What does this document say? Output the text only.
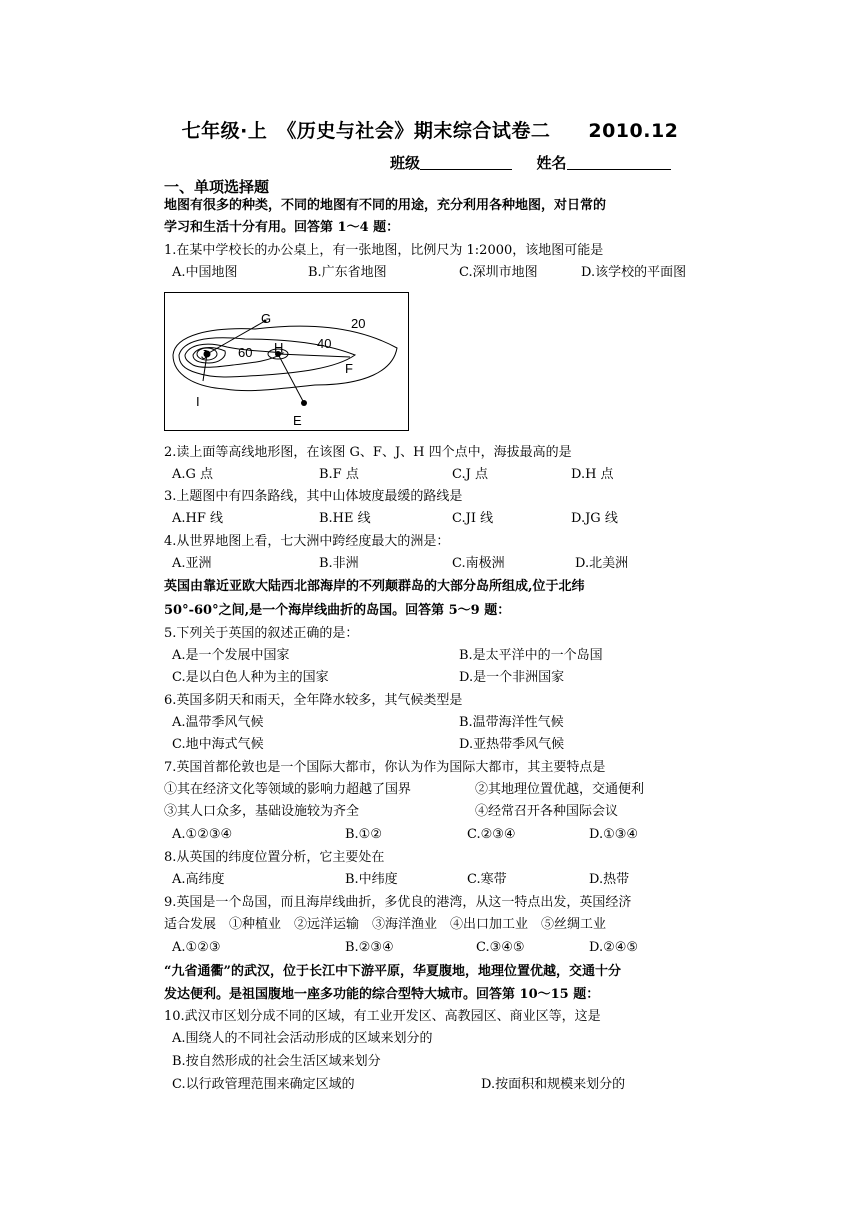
七年级·上　《历史与社会》期末综合试卷二 2010.12
班级	姓名
一、单项选择题
地图有很多的种类，不同的地图有不同的用途，充分利用各种地图，对日常的
学习和生活十分有用。回答第 1～4 题：
1.在某中学校长的办公桌上，有一张地图，比例尺为 1:2000，该地图可能是
A.中国地图	B.广东省地图	C.深圳市地图	D.该学校的平面图
G	20
60 H	40
J
F
I
E
2.读上面等高线地形图，在该图 G、F、J、H 四个点中，海拔最高的是
A.G 点	B.F 点	C.J 点	D.H 点
3.上题图中有四条路线，其中山体坡度最缓的路线是
A.HF 线	B.HE 线	C.JI 线	D.JG 线
4.从世界地图上看，七大洲中跨经度最大的洲是：
A.亚洲	B.非洲	C.南极洲	D.北美洲
英国由靠近亚欧大陆西北部海岸的不列颠群岛的大部分岛所组成,位于北纬
50°-60°之间,是一个海岸线曲折的岛国。回答第 5～9 题：
5.下列关于英国的叙述正确的是：
A.是一个发展中国家	B.是太平洋中的一个岛国
C.是以白色人种为主的国家	D.是一个非洲国家
6.英国多阴天和雨天，全年降水较多，其气候类型是
A.温带季风气候	B.温带海洋性气候
C.地中海式气候	D.亚热带季风气候
7.英国首都伦敦也是一个国际大都市，你认为作为国际大都市，其主要特点是
①其在经济文化等领域的影响力超越了国界	②其地理位置优越，交通便利
③其人口众多，基础设施较为齐全	④经常召开各种国际会议
A.①②③④	B.①②	C.②③④	D.①③④
8.从英国的纬度位置分析，它主要处在
A.高纬度	B.中纬度	C.寒带	D.热带
9.英国是一个岛国，而且海岸线曲折，多优良的港湾，从这一特点出发，英国经济
适合发展　①种植业　②远洋运输　③海洋渔业　④出口加工业　⑤丝绸工业
A.①②③	B.②③④	C.③④⑤	D.②④⑤
“九省通衢”的武汉，位于长江中下游平原，华夏腹地，地理位置优越，交通十分
发达便利。是祖国腹地一座多功能的综合型特大城市。回答第 10～15 题：
10.武汉市区划分成不同的区域，有工业开发区、高教园区、商业区等，这是
A.围绕人的不同社会活动形成的区域来划分的
B.按自然形成的社会生活区域来划分
C.以行政管理范围来确定区域的	D.按面积和规模来划分的
